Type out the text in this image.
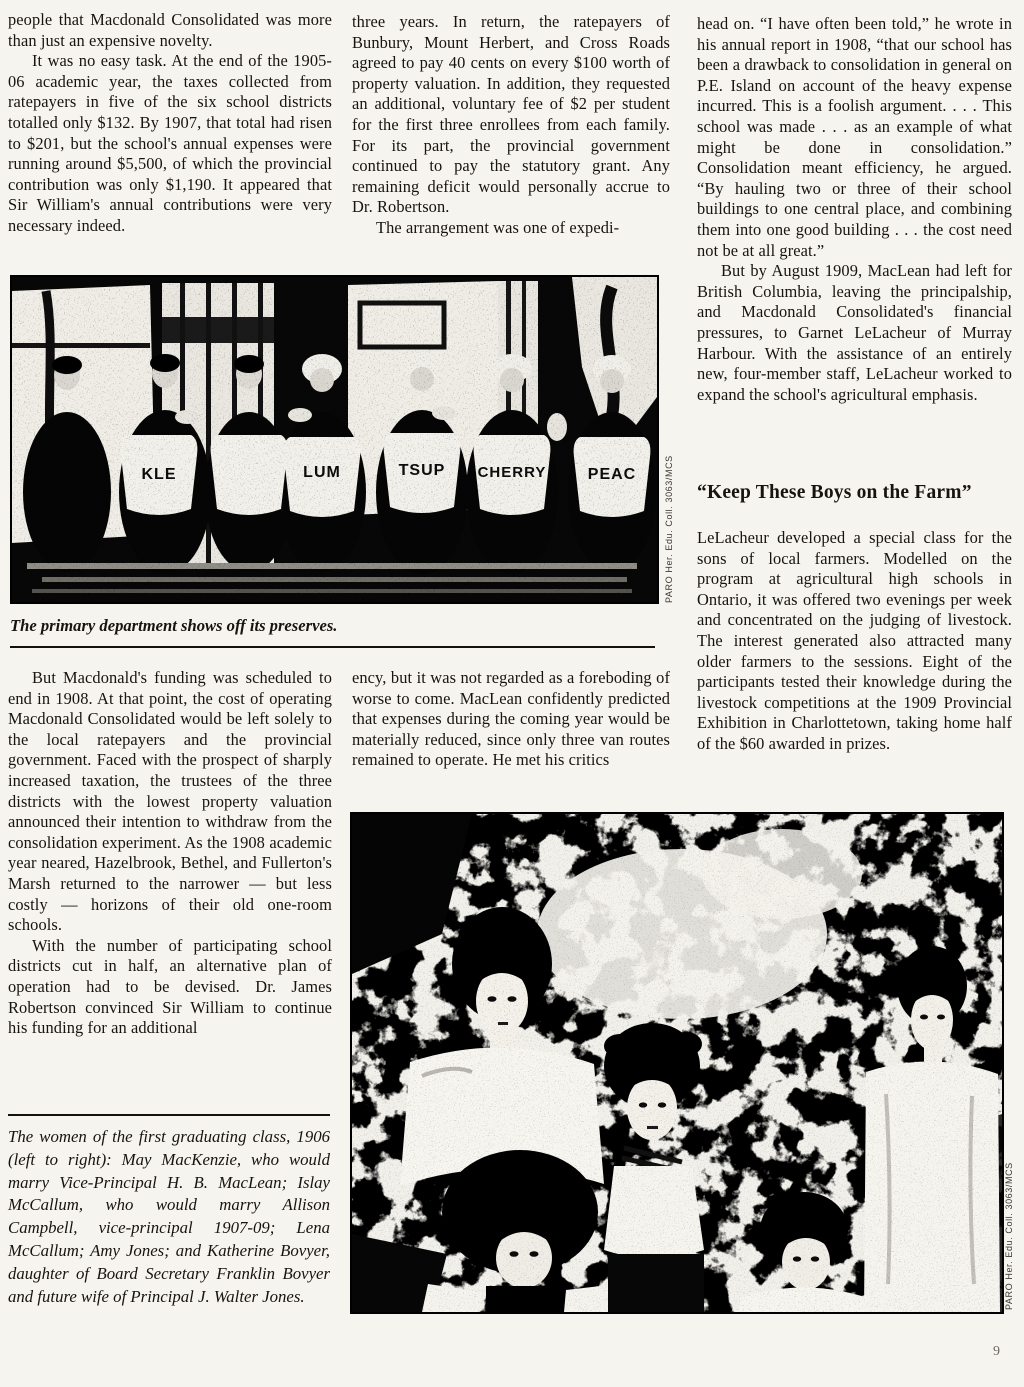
people that Macdonald Consolidated was more than just an expensive novelty.

It was no easy task. At the end of the 1905-06 academic year, the taxes collected from ratepayers in five of the six school districts totalled only $132. By 1907, that total had risen to $201, but the school's annual expenses were running around $5,500, of which the provincial contribution was only $1,190. It appeared that Sir William's annual contributions were very necessary indeed.

three years. In return, the ratepayers of Bunbury, Mount Herbert, and Cross Roads agreed to pay 40 cents on every $100 worth of property valuation. In addition, they requested an additional, voluntary fee of $2 per student for the first three enrollees from each family. For its part, the provincial government continued to pay the statutory grant. Any remaining deficit would personally accrue to Dr. Robertson.

The arrangement was one of expedi-

head on. “I have often been told,” he wrote in his annual report in 1908, “that our school has been a drawback to consolidation in general on P.E. Island on account of the heavy expense incurred. This is a foolish argument. . . . This school was made . . . as an example of what might be done in consolidation.” Consolidation meant efficiency, he argued. “By hauling two or three of their school buildings to one central place, and combining them into one good building . . . the cost need not be at all great.”

But by August 1909, MacLean had left for British Columbia, leaving the principalship, and Macdonald Consolidated's financial pressures, to Garnet LeLacheur of Murray Harbour. With the assistance of an entirely new, four-member staff, LeLacheur worked to expand the school's agricultural emphasis.

“Keep These Boys on the Farm”

LeLacheur developed a special class for the sons of local farmers. Modelled on the program at agricultural high schools in Ontario, it was offered two evenings per week and concentrated on the judging of livestock. The interest generated also attracted many older farmers to the sessions. Eight of the participants tested their knowledge during the livestock competitions at the 1909 Provincial Exhibition in Charlottetown, taking home half of the $60 awarded in prizes.

KLE	LUM	TSUP CHERRY	PEAC	PARO Her. Edu. Coll. 3063/MCS
The primary department shows off its preserves.

But Macdonald's funding was scheduled to end in 1908. At that point, the cost of operating Macdonald Consolidated would be left solely to the local ratepayers and the provincial government. Faced with the prospect of sharply increased taxation, the trustees of the three districts with the lowest property valuation announced their intention to withdraw from the consolidation experiment. As the 1908 academic year neared, Hazelbrook, Bethel, and Fullerton's Marsh returned to the narrower — but less costly — horizons of their old one-room schools.

With the number of participating school districts cut in half, an alternative plan of operation had to be devised. Dr. James Robertson convinced Sir William to continue his funding for an additional

ency, but it was not regarded as a foreboding of worse to come. MacLean confidently predicted that expenses during the coming year would be materially reduced, since only three van routes remained to operate. He met his critics

PARO Her. Edu. Coll. 3063/MCS
The women of the first graduating class, 1906 (left to right): May MacKenzie, who would marry Vice-Principal H. B. MacLean; Islay McCallum, who would marry Allison Campbell, vice-principal 1907-09; Lena McCallum; Amy Jones; and Katherine Bovyer, daughter of Board Secretary Franklin Bovyer and future wife of Principal J. Walter Jones.
9
